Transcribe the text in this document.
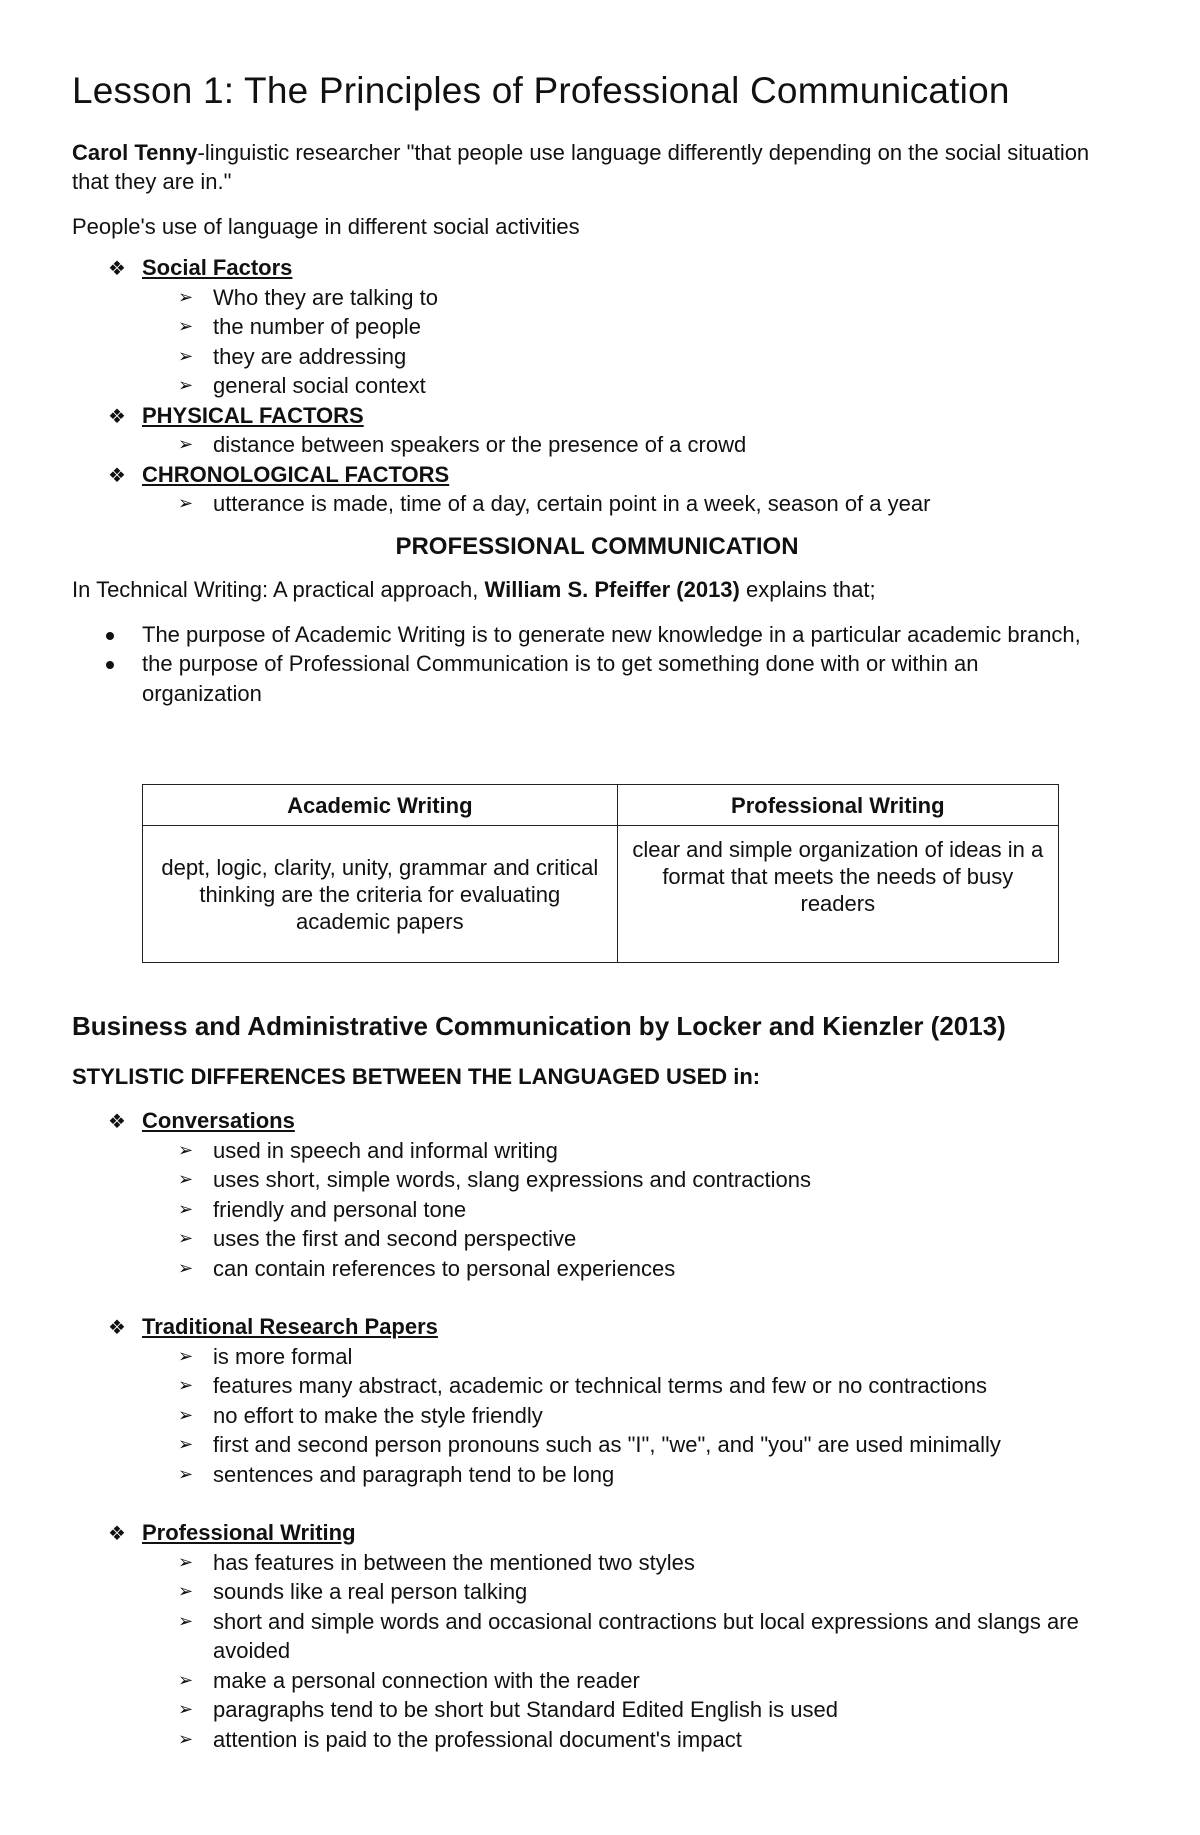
Lesson 1: The Principles of Professional Communication

Carol Tenny-linguistic researcher "that people use language differently depending on the social situation that they are in."

People's use of language in different social activities

❖ Social Factors
➢ Who they are talking to
➢ the number of people
➢ they are addressing
➢ general social context
❖ PHYSICAL FACTORS
➢ distance between speakers or the presence of a crowd
❖ CHRONOLOGICAL FACTORS
➢ utterance is made, time of a day, certain point in a week, season of a year
PROFESSIONAL COMMUNICATION

In Technical Writing: A practical approach, William S. Pfeiffer (2013) explains that;

The purpose of Academic Writing is to generate new knowledge in a particular academic branch,
the purpose of Professional Communication is to get something done with or within an organization
Academic Writing	Professional Writing
dept, logic, clarity, unity, grammar and critical thinking are the criteria for evaluating academic papers	clear and simple organization of ideas in a format that meets the needs of busy readers
Business and Administrative Communication by Locker and Kienzler (2013)
STYLISTIC DIFFERENCES BETWEEN THE LANGUAGED USED in:
❖ Conversations
➢ used in speech and informal writing
➢ uses short, simple words, slang expressions and contractions
➢ friendly and personal tone
➢ uses the first and second perspective
➢ can contain references to personal experiences
❖ Traditional Research Papers
➢ is more formal
➢ features many abstract, academic or technical terms and few or no contractions
➢ no effort to make the style friendly
➢ first and second person pronouns such as "I", "we", and "you" are used minimally
➢ sentences and paragraph tend to be long
❖ Professional Writing
➢ has features in between the mentioned two styles
➢ sounds like a real person talking
➢ short and simple words and occasional contractions but local expressions and slangs are avoided
➢ make a personal connection with the reader
➢ paragraphs tend to be short but Standard Edited English is used
➢ attention is paid to the professional document's impact
